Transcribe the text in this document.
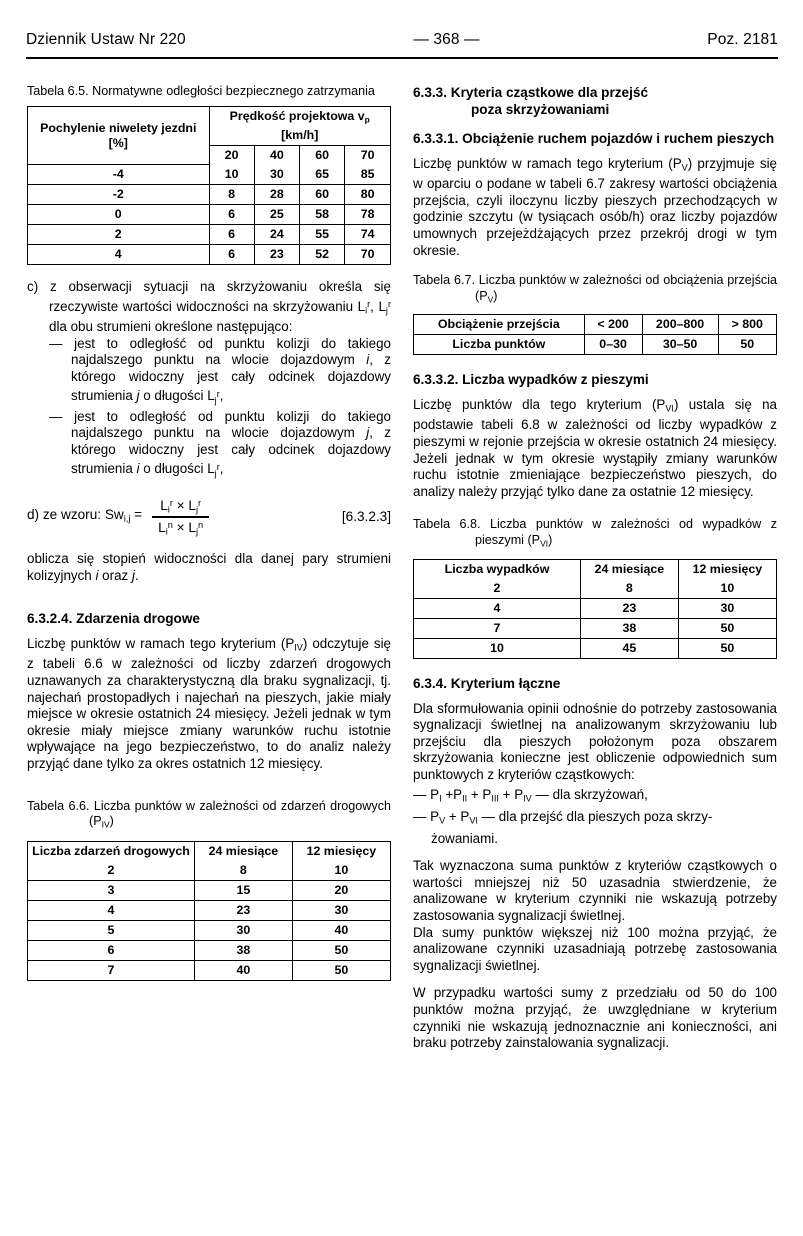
Dziennik Ustaw Nr 220	— 368 —	Poz. 2181

Tabela 6.5. Normatywne odległości bezpiecznego zatrzymania

Pochylenie niwelety jezdni [%]	Prędkość projektowa $v_p$ [km/h]			
	20	40	60	70
-4	10	30	65	85
-2	8	28	60	80
0	6	25	58	78
2	6	24	55	74
4	6	23	52	70
c) z obserwacji sytuacji na skrzyżowaniu określa się rzeczywiste wartości widoczności na skrzyżowaniu $L_i^r$, $L_j^r$ dla obu strumieni określone następująco:
— jest to odległość od punktu kolizji do takiego najdalszego punktu na wlocie dojazdowym i, z którego widoczny jest cały odcinek dojazdowy strumienia j o długości $L_j^r$,
— jest to odległość od punktu kolizji do takiego najdalszego punktu na wlocie dojazdowym j, z którego widoczny jest cały odcinek dojazdowy strumienia i o długości $L_j^r$,
d) ze wzoru: $Sw_{i,j} = \frac{L_i^r \times L_j^r}{L_i^n \times L_j^n}$	[6.3.2.3]

oblicza się stopień widoczności dla danej pary strumieni kolizyjnych i oraz j.

6.3.2.4. Zdarzenia drogowe

Liczbę punktów w ramach tego kryterium $(P_{IV})$ odczytuje się z tabeli 6.6 w zależności od liczby zdarzeń drogowych uznawanych za charakterystyczną dla braku sygnalizacji, tj. najechań prostopadłych i najechań na pieszych, jakie miały miejsce w okresie ostatnich 24 miesięcy. Jeżeli jednak w tym okresie miały miejsce zmiany warunków ruchu istotnie wpływające na jego bezpieczeństwo, to do analiz należy przyjąć dane tylko za okres ostatnich 12 miesięcy.

Tabela 6.6. Liczba punktów w zależności od zdarzeń drogowych $(P_{IV})$

Liczba zdarzeń drogowych	24 miesiące	12 miesięcy
2	8	10
3	15	20
4	23	30
5	30	40
6	38	50
7	40	50
6.3.3. Kryteria cząstkowe dla przejść
poza skrzyżowaniami
6.3.3.1. Obciążenie ruchem pojazdów i ruchem pieszych

Liczbę punktów w ramach tego kryterium $(P_V)$ przyjmuje się w oparciu o podane w tabeli 6.7 zakresy wartości obciążenia przejścia, czyli iloczynu liczby pieszych przechodzących w godzinie szczytu (w tysiącach osób/h) oraz liczby pojazdów umownych przejeżdżających przez przekrój drogi w tym okresie.

Tabela 6.7. Liczba punktów w zależności od obciążenia przejścia $(P_V)$

Obciążenie przejścia	< 200	200–800	> 800
Liczba punktów	0–30	30–50	50
6.3.3.2. Liczba wypadków z pieszymi

Liczbę punktów dla tego kryterium $(P_{VI})$ ustala się na podstawie tabeli 6.8 w zależności od liczby wypadków z pieszymi w rejonie przejścia w okresie ostatnich 24 miesięcy. Jeżeli jednak w tym okresie wystąpiły zmiany warunków ruchu istotnie zmieniające bezpieczeństwo pieszych, do analizy należy przyjąć tylko dane za ostatnie 12 miesięcy.

Tabela 6.8. Liczba punktów w zależności od wypadków z pieszymi $(P_{VI})$

Liczba wypadków	24 miesiące	12 miesięcy
2	8	10
4	23	30
7	38	50
10	45	50
6.3.4. Kryterium łączne

Dla sformułowania opinii odnośnie do potrzeby zastosowania sygnalizacji świetlnej na analizowanym skrzyżowaniu lub przejściu dla pieszych położonym poza obszarem skrzyżowania konieczne jest obliczenie odpowiednich sum punktowych z kryteriów cząstkowych:

— $P_I +P_{II} + P_{III} + P_{IV}$ — dla skrzyżowań,
— $P_V + P_{VI}$ — dla przejść dla pieszych poza skrzy-
żowaniami.

Tak wyznaczona suma punktów z kryteriów cząstkowych o wartości mniejszej niż 50 uzasadnia stwierdzenie, że analizowane w kryterium czynniki nie wskazują potrzeby zastosowania sygnalizacji świetlnej.

Dla sumy punktów większej niż 100 można przyjąć, że analizowane czynniki uzasadniają potrzebę zastosowania sygnalizacji świetlnej.

W przypadku wartości sumy z przedziału od 50 do 100 punktów można przyjąć, że uwzględniane w kryterium czynniki nie wskazują jednoznacznie ani konieczności, ani braku potrzeby zainstalowania sygnalizacji.
